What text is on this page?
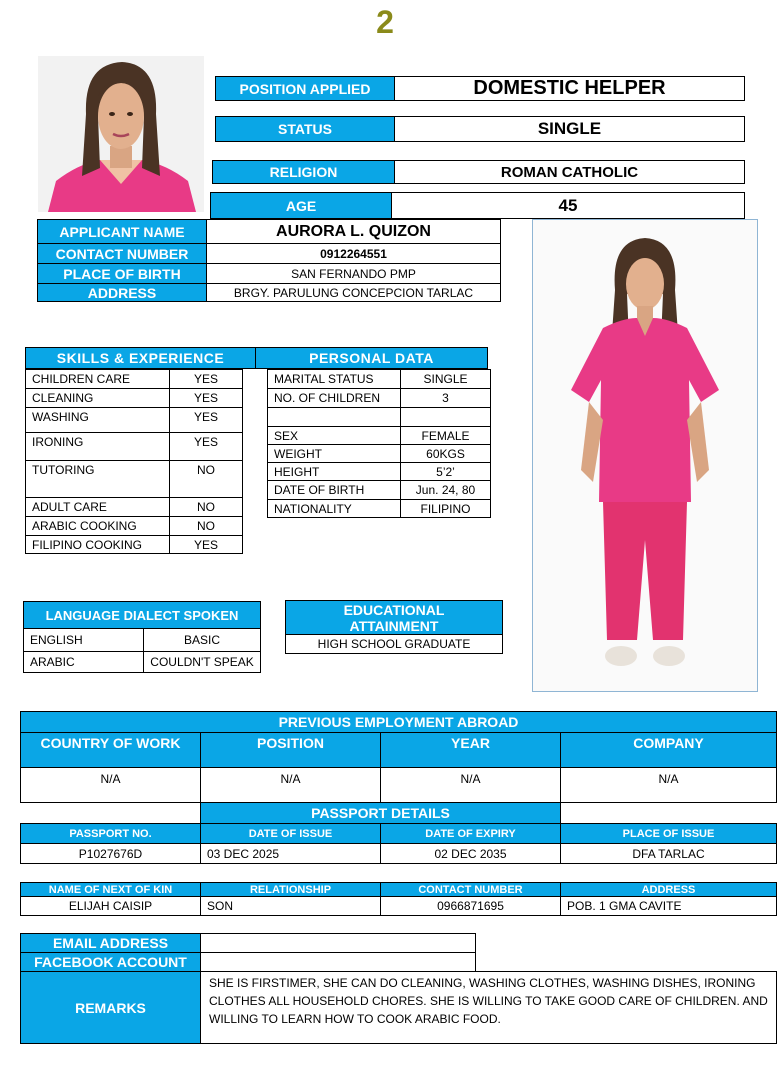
2
POSITION APPLIED	DOMESTIC HELPER
STATUS	SINGLE
RELIGION	ROMAN CATHOLIC
AGE	45
APPLICANT NAME	AURORA L. QUIZON
CONTACT NUMBER	0912264551
PLACE OF BIRTH	SAN FERNANDO PMP
ADDRESS	BRGY. PARULUNG CONCEPCION TARLAC
SKILLS & EXPERIENCE	PERSONAL DATA
CHILDREN CARE	YES
CLEANING	YES
WASHING	YES
IRONING	YES
TUTORING	NO
ADULT CARE	NO
ARABIC COOKING	NO
FILIPINO COOKING	YES
MARITAL STATUS	SINGLE
NO. OF CHILDREN	3
SEX	FEMALE
WEIGHT	60KGS
HEIGHT	5’2’
DATE OF BIRTH	Jun. 24, 80
NATIONALITY	FILIPINO
LANGUAGE DIALECT SPOKEN
ENGLISH	BASIC
ARABIC	COULDN'T SPEAK
EDUCATIONAL ATTAINMENT
HIGH SCHOOL GRADUATE
PREVIOUS EMPLOYMENT ABROAD
COUNTRY OF WORK	POSITION	YEAR	COMPANY
N/A	N/A	N/A	N/A
PASSPORT DETAILS
PASSPORT NO.	DATE OF ISSUE	DATE OF EXPIRY	PLACE OF ISSUE
P1027676D	03 DEC 2025	02 DEC 2035	DFA TARLAC
NAME OF NEXT OF KIN	RELATIONSHIP	CONTACT NUMBER	ADDRESS
ELIJAH CAISIP	SON	0966871695	POB. 1 GMA CAVITE
EMAIL ADDRESS
FACEBOOK ACCOUNT
REMARKS
SHE IS FIRSTIMER, SHE CAN DO CLEANING, WASHING CLOTHES, WASHING DISHES, IRONING CLOTHES ALL HOUSEHOLD CHORES. SHE IS WILLING TO TAKE GOOD CARE OF CHILDREN. AND WILLING TO LEARN HOW TO COOK ARABIC FOOD.
